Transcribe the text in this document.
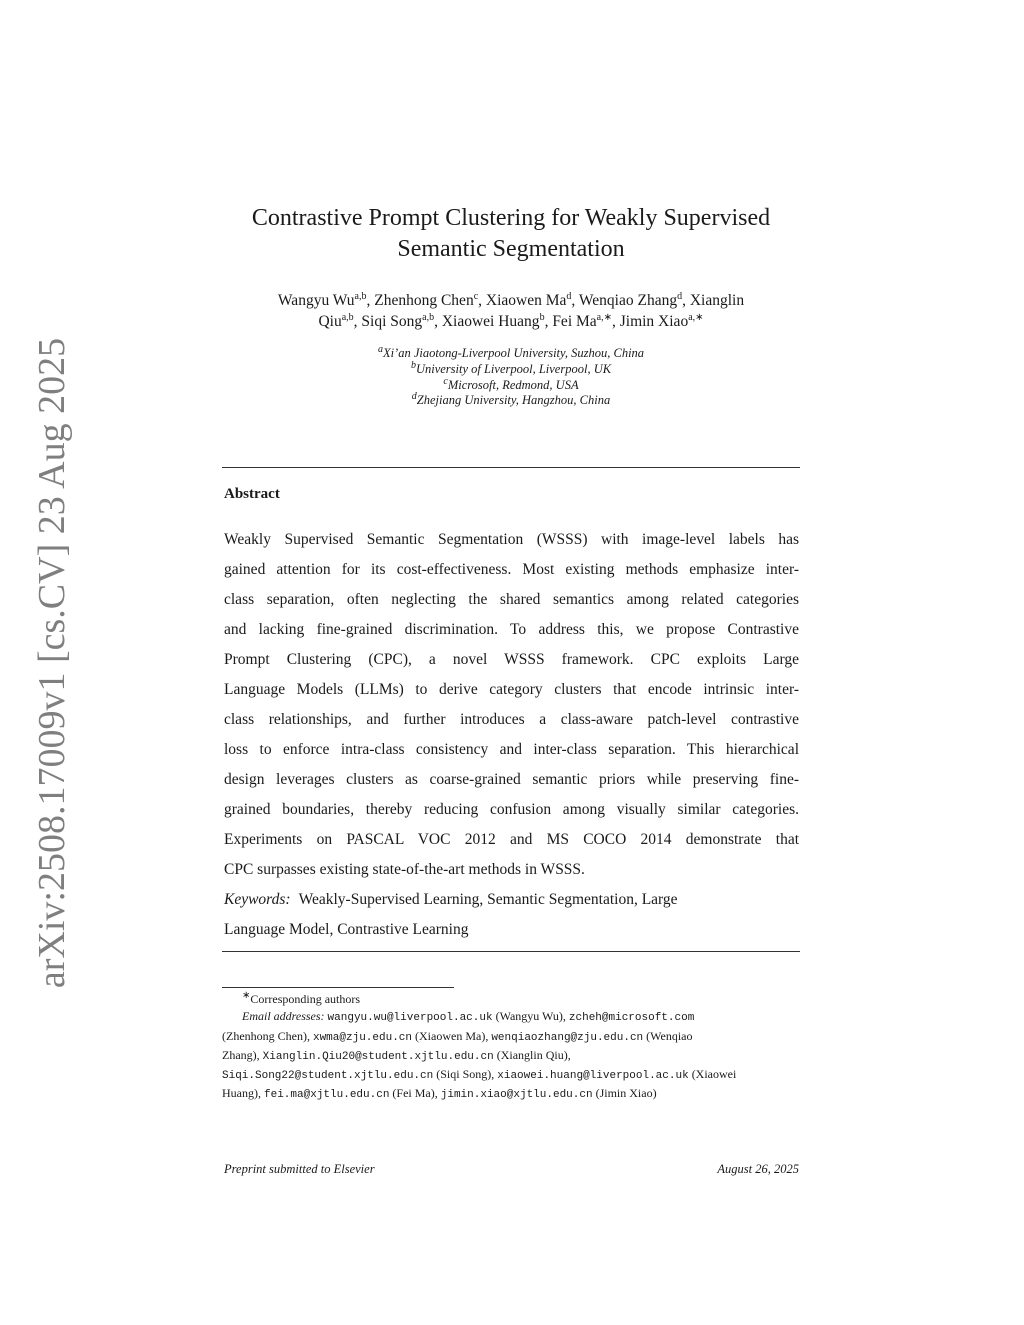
arXiv:2508.17009v1 [cs.CV] 23 Aug 2025
Contrastive Prompt Clustering for Weakly Supervised
Semantic Segmentation
Wangyu Wu$^{a,b}$, Zhenhong Chen$^c$, Xiaowen Ma$^d$, Wenqiao Zhang$^d$, Xianglin
Qiu$^{a,b}$, Siqi Song$^{a,b}$, Xiaowei Huang$^b$, Fei $Ma^{a,∗}$, Jimin Xiao$^{a,∗}$
$^a$Xi’an Jiaotong-Liverpool University, Suzhou, China
$^b$University of Liverpool, Liverpool, UK
$^c$Microsoft, Redmond, USA
$^d$Zhejiang University, Hangzhou, China
Abstract
Weakly Supervised Semantic Segmentation (WSSS) with image-level labels has
gained attention for its cost-effectiveness. Most existing methods emphasize inter-
class separation, often neglecting the shared semantics among related categories
and lacking fine-grained discrimination. To address this, we propose Contrastive
Prompt Clustering (CPC), a novel WSSS framework. CPC exploits Large
Language Models (LLMs) to derive category clusters that encode intrinsic inter-
class relationships, and further introduces a class-aware patch-level contrastive
loss to enforce intra-class consistency and inter-class separation. This hierarchical
design leverages clusters as coarse-grained semantic priors while preserving fine-
grained boundaries, thereby reducing confusion among visually similar categories.
Experiments on PASCAL VOC 2012 and MS COCO 2014 demonstrate that
CPC surpasses existing state-of-the-art methods in WSSS.
Keywords: Weakly-Supervised Learning, Semantic Segmentation, Large
Language Model, Contrastive Learning
∗Corresponding authors
Email addresses: wangyu.wu@liverpool.ac.uk (Wangyu Wu), zcheh@microsoft.com
(Zhenhong Chen), xwma@zju.edu.cn (Xiaowen Ma), wenqiaozhang@zju.edu.cn (Wenqiao
Zhang), Xianglin.Qiu20@student.xjtlu.edu.cn (Xianglin Qiu),
Siqi.Song22@student.xjtlu.edu.cn (Siqi Song), xiaowei.huang@liverpool.ac.uk (Xiaowei
Huang), fei.ma@xjtlu.edu.cn (Fei Ma), jimin.xiao@xjtlu.edu.cn (Jimin Xiao)
Preprint submitted to Elsevier	August 26, 2025
